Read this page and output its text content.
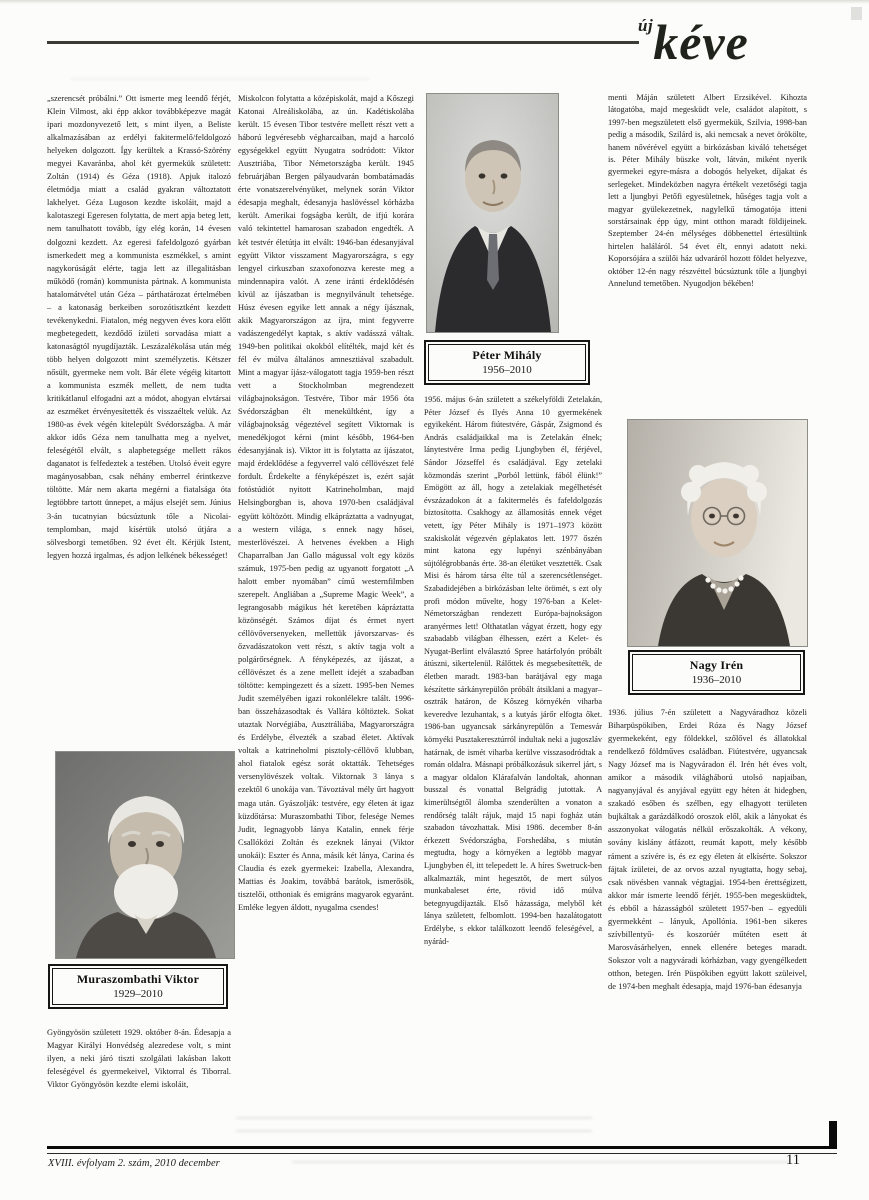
újkéve
„szerencsét próbálni.” Ott ismerte meg leendő férjét, Klein Vilmost, aki épp akkor továbbképezve magát ipari mozdonyvezető lett, s mint ilyen, a Beliste alkalmazásában az erdélyi fakitermelő/feldolgozó helyeken dolgozott. Így kerültek a Krassó-Szörény megyei Kavaránba, ahol két gyermekük született: Zoltán (1914) és Géza (1918). Apjuk italozó életmódja miatt a család gyakran változtatott lakhelyet. Géza Lugoson kezdte iskoláit, majd a kalotaszegi Egeresen folytatta, de mert apja beteg lett, nem tanulhatott tovább, így elég korán, 14 évesen dolgozni kezdett. Az egeresi fafeldolgozó gyárban ismerkedett meg a kommunista eszmékkel, s amint nagykorúságát elérte, tagja lett az illegalitásban működő (román) kommunista pártnak. A kommunista hatalomátvétel után Géza – párthatározat értelmében – a katonaság berkeiben sorozótisztként kezdett tevékenykedni. Fiatalon, még negyven éves kora előtt megbetegedett, kezdődő ízületi sorvadása miatt a katonaságtól nyugdíjazták. Leszázalékolása után még több helyen dolgozott mint személyzetis. Kétszer nősült, gyermeke nem volt. Bár élete végéig kitartott a kommunista eszmék mellett, de nem tudta kritikátlanul elfogadni azt a módot, ahogyan elvtársai az eszméket érvényesítették és visszaéltek velük. Az 1980-as évek végén kitelepült Svédországba. A már akkor idős Géza nem tanulhatta meg a nyelvet, feleségétől elvált, s alapbetegsége mellett rákos daganatot is felfedeztek a testében. Utolsó éveit egyre magányosabban, csak néhány emberrel érintkezve töltötte. Már nem akarta megérni a fiatalsága óta legtöbbre tartott ünnepet, a május elsejét sem. Június 3-án tucatnyian búcsúztunk tőle a Nicolai-templomban, majd kísértük utolsó útjára a sölvesborgi temetőben. 92 évet élt. Kérjük Istent, legyen hozzá irgalmas, és adjon lelkének békességet!
Muraszombathi Viktor
1929–2010
Gyöngyösön született 1929. október 8-án. Édesapja a Magyar Királyi Honvédség alezredese volt, s mint ilyen, a neki járó tiszti szolgálati lakásban lakott feleségével és gyermekeivel, Viktorral és Tiborral. Viktor Gyöngyösön kezdte elemi iskoláit,
Miskolcon folytatta a középiskolát, majd a Kőszegi Katonai Alreáliskolába, az ún. Kadétiskolába került. 15 évesen Tibor testvére mellett részt vett a háború legvéresebb végharcaiban, majd a harcoló egységekkel együtt Nyugatra sodródott: Viktor Ausztriába, Tibor Németországba került. 1945 februárjában Bergen pályaudvarán bombatámadás érte vonatszerelvényüket, melynek során Viktor édesapja meghalt, édesanyja haslövéssel kórházba került. Amerikai fogságba került, de ifjú korára való tekintettel hamarosan szabadon engedték. A két testvér életútja itt elvált: 1946-ban édesanyjával együtt Viktor visszament Magyarországra, s egy lengyel cirkuszban szaxofonozva kereste meg a mindennapira valót. A zene iránti érdeklődésén kívül az íjászatban is megnyilvánult tehetsége. Húsz évesen egyike lett annak a négy íjásznak, akik Magyarországon az íjra, mint fegyverre vadászengedélyt kaptak, s aktív vadásszá váltak. 1949-ben politikai okokból elítélték, majd két és fél év múlva általános amnesztiával szabadult. Mint a magyar íjász-válogatott tagja 1959-ben részt vett a Stockholmban megrendezett világbajnokságon. Testvére, Tibor már 1956 óta Svédországban élt menekültként, így a világbajnokság végeztével segített Viktornak is menedékjogot kérni (mint később, 1964-ben édesanyjának is). Viktor itt is folytatta az íjászatot, majd érdeklődése a fegyverrel való céllövészet felé fordult. Érdekelte a fényképészet is, ezért saját fotóstúdiót nyitott Katrineholmban, majd Helsingborgban is, ahova 1970-ben családjával együtt költözött. Mindig elkápráztatta a vadnyugat, a western világa, s ennek nagy hősei, mesterlövészei. A hetvenes években a High Chaparralban Jan Gallo mágussal volt egy közös számuk, 1975-ben pedig az ugyanott forgatott „A halott ember nyomában” című westernfilmben szerepelt. Angliában a „Supreme Magic Week”, a legrangosabb mágikus hét keretében kápráztatta közönségét. Számos díjat és érmet nyert céllövőversenyeken, mellettük jávorszarvas- és őzvadászatokon vett részt, s aktív tagja volt a polgárőrségnek. A fényképezés, az íjászat, a céllövészet és a zene mellett idejét a szabadban töltötte: kempingezett és a sízett. 1995-ben Nemes Judit személyében igazi rokonlélekre talált. 1996-ban összeházasodtak és Vallára költöztek. Sokat utaztak Norvégiába, Ausztráliába, Magyarországra és Erdélybe, élvezték a szabad életet. Aktívak voltak a katrineholmi pisztoly-céllövő klubban, ahol fiatalok egész sorát oktatták. Tehetséges versenylövészek voltak. Viktornak 3 lánya s ezektől 6 unokája van. Távoztával mély űrt hagyott maga után. Gyászolják: testvére, egy életen át igaz küzdőtársa: Muraszombathi Tibor, felesége Nemes Judit, legnagyobb lánya Katalin, ennek férje Csallóközi Zoltán és ezeknek lányai (Viktor unokái): Eszter és Anna, másik két lánya, Carina és Claudia és ezek gyermekei: Izabella, Alexandra, Mattias és Joakim, továbbá barátok, ismerősök, tisztelői, otthoniak és emigráns magyarok egyaránt. Emléke legyen áldott, nyugalma csendes!
Péter Mihály
1956–2010
1956. május 6-án született a székelyföldi Zetelakán, Péter József és Ilyés Anna 10 gyermekének egyikeként. Három fiútestvére, Gáspár, Zsigmond és András családjaikkal ma is Zetelakán élnek; lánytestvére Irma pedig Ljungbyben él, férjével, Sándor Józseffel és családjával. Egy zetelaki közmondás szerint „Porból lettünk, fából élünk!” Emögött az áll, hogy a zetelakiak megélhetését évszázadokon át a fakitermelés és fafeldolgozás biztosította. Csakhogy az államosítás ennek véget vetett, így Péter Mihály is 1971–1973 között szakiskolát végezvén géplakatos lett. 1977 őszén mint katona egy lupényi szénbányában sújtólégrobbanás érte. 38-an életüket vesztették. Csak Misi és három társa élte túl a szerencsétlenséget. Szabadidejében a birkózásban lelte örömét, s ezt oly profi módon művelte, hogy 1976-ban a Kelet-Németországban rendezett Európa-bajnokságon aranyérmes lett! Olthatatlan vágyat érzett, hogy egy szabadabb világban élhessen, ezért a Kelet- és Nyugat-Berlint elválasztó Spree határfolyón próbált átúszni, sikertelenül. Rálőttek és megsebesítették, de életben maradt. 1983-ban barátjával egy maga készítette sárkányrepülőn próbált átsiklani a magyar–osztrák határon, de Kőszeg környékén viharba keveredve lezuhantak, s a kutyás járőr elfogta őket. 1986-ban ugyancsak sárkányrepülőn a Temesvár környéki Pusztakeresztúrról indultak neki a jugoszláv határnak, de ismét viharba kerülve visszasodródtak a román oldalra. Másnapi próbálkozásuk sikerrel járt, s a magyar oldalon Klárafalván landoltak, ahonnan busszal és vonattal Belgrádig jutottak. A kimerültségtől álomba szenderülten a vonaton a rendőrség talált rájuk, majd 15 napi fogház után szabadon távozhattak. Misi 1986. december 8-án érkezett Svédországba, Forshedába, s miután megtudta, hogy a környéken a legtöbb magyar Ljungbyben él, itt telepedett le. A híres Swetruck-ben alkalmazták, mint hegesztőt, de mert súlyos munkabaleset érte, rövid idő múlva betegnyugdíjazták. Első házassága, melyből két lánya született, felbomlott. 1994-ben hazalátogatott Erdélybe, s ekkor találkozott leendő feleségével, a nyárád-
menti Máján született Albert Erzsikével. Kihozta látogatóba, majd megesküdt vele, családot alapított, s 1997-ben megszületett első gyermekük, Szilvia, 1998-ban pedig a második, Szilárd is, aki nemcsak a nevet örökölte, hanem nővérével együtt a birkózásban kiváló tehetséget is. Péter Mihály büszke volt, látván, miként nyerik gyermekei egyre-másra a dobogós helyeket, díjakat és serlegeket. Mindeközben nagyra értékelt vezetőségi tagja lett a ljungbyi Petőfi egyesületnek, hűséges tagja volt a magyar gyülekezetnek, nagylelkű támogatója itteni sorstársainak épp úgy, mint otthon maradt földijeinek. Szeptember 24-én mélységes döbbenettel értesültünk hirtelen haláláról. 54 évet élt, ennyi adatott neki. Koporsójára a szülői ház udvaráról hozott földet helyezve, október 12-én nagy részvéttel búcsúztunk tőle a ljungbyi Annelund temetőben. Nyugodjon békében!
Nagy Irén
1936–2010
1936. július 7-én született a Nagyváradhoz közeli Biharpüspökiben, Erdei Róza és Nagy József gyermekeként, egy földekkel, szőlővel és állatokkal rendelkező földműves családban. Fiútestvére, ugyancsak Nagy József ma is Nagyváradon él. Irén hét éves volt, amikor a második világháború utolsó napjaiban, nagyanyjával és anyjával együtt egy héten át hidegben, szakadó esőben és szélben, egy elhagyott területen bujkáltak a garázdálkodó oroszok elől, akik a lányokat és asszonyokat válogatás nélkül erőszakolták. A vékony, sovány kislány átfázott, reumát kapott, mely később ráment a szívére is, és ez egy életen át elkísérte. Sokszor fájtak ízületei, de az orvos azzal nyugtatta, hogy sebaj, csak növésben vannak végtagjai. 1954-ben érettségizett, akkor már ismerte leendő férjét. 1955-ben megesküdtek, és ebből a házasságból született 1957-ben – egyedüli gyermekként – lányuk, Apollónia. 1961-ben sikeres szívbillentyű- és koszorúér műtéten esett át Marosvásárhelyen, ennek ellenére beteges maradt. Sokszor volt a nagyváradi kórházban, vagy gyengélkedett otthon, betegen. Irén Püspökiben együtt lakott szüleivel, de 1974-ben meghalt édesapja, majd 1976-ban édesanyja
XVIII. évfolyam 2. szám, 2010 december	11
